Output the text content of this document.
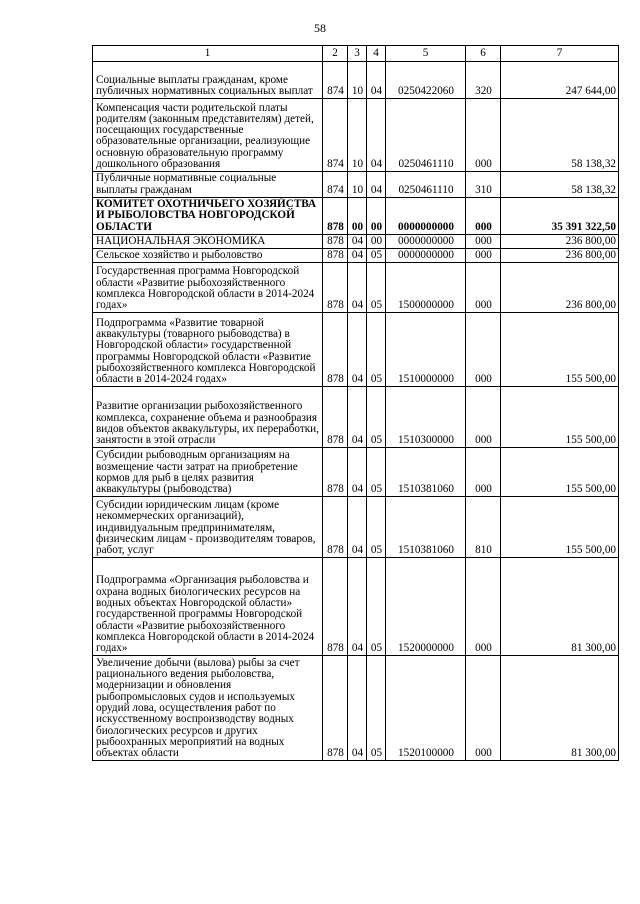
58
1	2	3	4	5	6	7
Социальные выплаты гражданам, кроме публичных нормативных социальных выплат	874	10	04	0250422060	320	247 644,00
Компенсация части родительской платы родителям (законным представителям) детей, посещающих государственные образовательные организации, реализующие основную образовательную программу дошкольного образования	874	10	04	0250461110	000	58 138,32
Публичные нормативные социальные выплаты гражданам	874	10	04	0250461110	310	58 138,32
КОМИТЕТ ОХОТНИЧЬЕГО ХОЗЯЙСТВА И РЫБОЛОВСТВА НОВГОРОДСКОЙ ОБЛАСТИ	878	00	00	0000000000	000	35 391 322,50
НАЦИОНАЛЬНАЯ ЭКОНОМИКА	878	04	00	0000000000	000	236 800,00
Сельское хозяйство и рыболовство	878	04	05	0000000000	000	236 800,00
Государственная программа Новгородской области «Развитие рыбохозяйственного комплекса Новгородской области в 2014-2024 годах»	878	04	05	1500000000	000	236 800,00
Подпрограмма «Развитие товарной аквакультуры (товарного рыбоводства) в Новгородской области» государственной программы Новгородской области «Развитие рыбохозяйственного комплекса Новгородской области в 2014-2024 годах»	878	04	05	1510000000	000	155 500,00
Развитие организации рыбохозяйственного комплекса, сохранение объема и разнообразия видов объектов аквакультуры, их переработки, занятости в этой отрасли	878	04	05	1510300000	000	155 500,00
Субсидии рыбоводным организациям на возмещение части затрат на приобретение кормов для рыб в целях развития аквакультуры (рыбоводства)	878	04	05	1510381060	000	155 500,00
Субсидии юридическим лицам (кроме некоммерческих организаций), индивидуальным предпринимателям, физическим лицам - производителям товаров, работ, услуг	878	04	05	1510381060	810	155 500,00
Подпрограмма «Организация рыболовства и охрана водных биологических ресурсов на водных объектах Новгородской области» государственной программы Новгородской области «Развитие рыбохозяйственного комплекса Новгородской области в 2014-2024 годах»	878	04	05	1520000000	000	81 300,00
Увеличение добычи (вылова) рыбы за счет рационального ведения рыболовства, модернизации и обновления рыбопромысловых судов и используемых орудий лова, осуществления работ по искусственному воспроизводству водных биологических ресурсов и других рыбоохранных мероприятий на водных объектах области	878	04	05	1520100000	000	81 300,00
